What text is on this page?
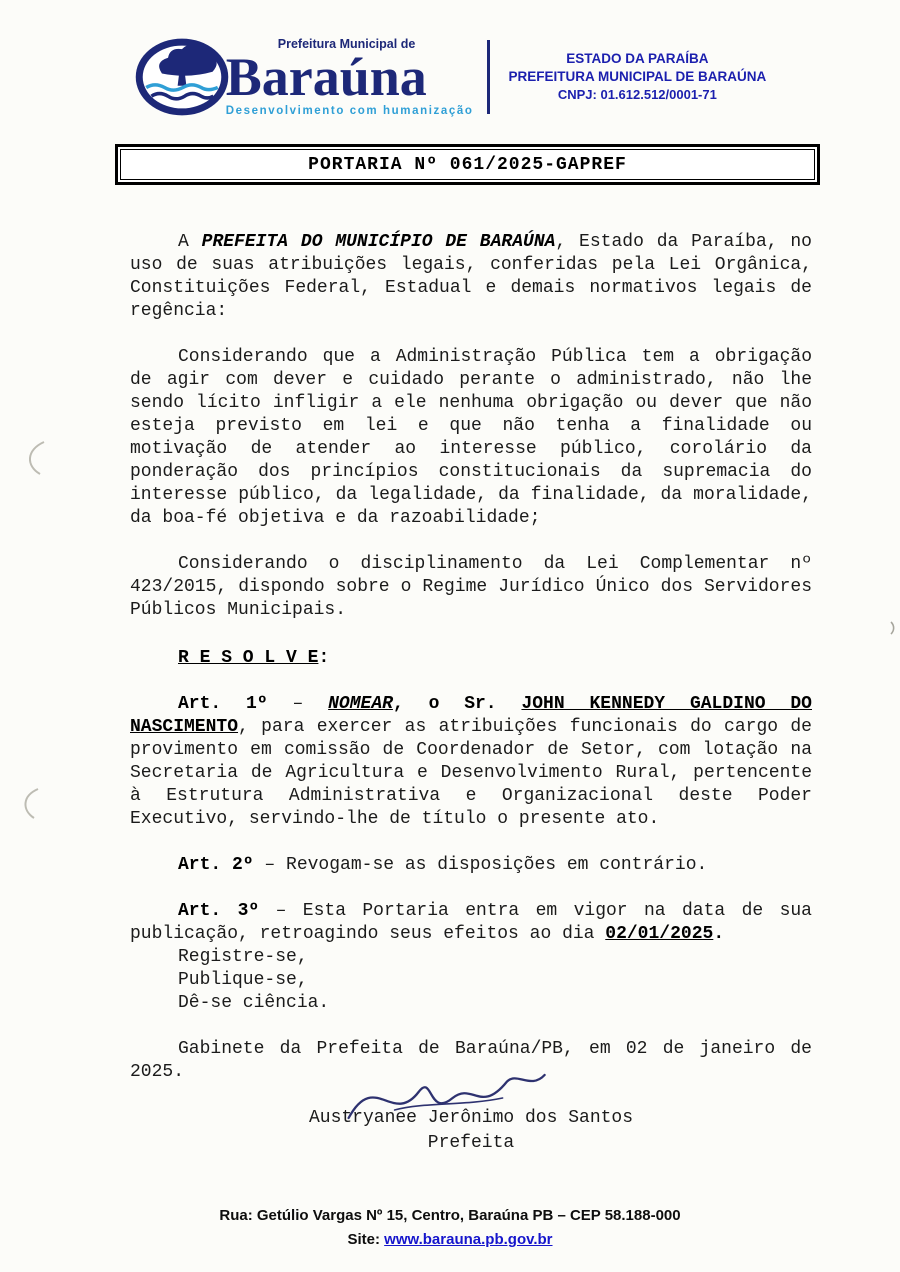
Prefeitura Municipal de
Baraúna
Desenvolvimento com humanização
ESTADO DA PARAÍBA
PREFEITURA MUNICIPAL DE BARAÚNA
CNPJ: 01.612.512/0001-71
PORTARIA Nº 061/2025-GAPREF

A PREFEITA DO MUNICÍPIO DE BARAÚNA, Estado da Paraíba, no uso de suas atribuições legais, conferidas pela Lei Orgânica, Constituições Federal, Estadual e demais normativos legais de regência:

Considerando que a Administração Pública tem a obrigação de agir com dever e cuidado perante o administrado, não lhe sendo lícito infligir a ele nenhuma obrigação ou dever que não esteja previsto em lei e que não tenha a finalidade ou motivação de atender ao interesse público, corolário da ponderação dos princípios constitucionais da supremacia do interesse público, da legalidade, da finalidade, da moralidade, da boa-fé objetiva e da razoabilidade;

Considerando o disciplinamento da Lei Complementar nº 423/2015, dispondo sobre o Regime Jurídico Único dos Servidores Públicos Municipais.

R E S O L V E:

Art. 1º – NOMEAR, o Sr. JOHN KENNEDY GALDINO DO NASCIMENTO, para exercer as atribuições funcionais do cargo de provimento em comissão de Coordenador de Setor, com lotação na Secretaria de Agricultura e Desenvolvimento Rural, pertencente à Estrutura Administrativa e Organizacional deste Poder Executivo, servindo-lhe de título o presente ato.

Art. 2º – Revogam-se as disposições em contrário.

Art. 3º – Esta Portaria entra em vigor na data de sua publicação, retroagindo seus efeitos ao dia 02/01/2025.

Registre-se,
Publique-se,
Dê-se ciência.

Gabinete da Prefeita de Baraúna/PB, em 02 de janeiro de 2025.

Austryanee Jerônimo dos Santos
Prefeita
Rua: Getúlio Vargas Nº 15, Centro, Baraúna PB – CEP 58.188-000
Site: www.barauna.pb.gov.br
